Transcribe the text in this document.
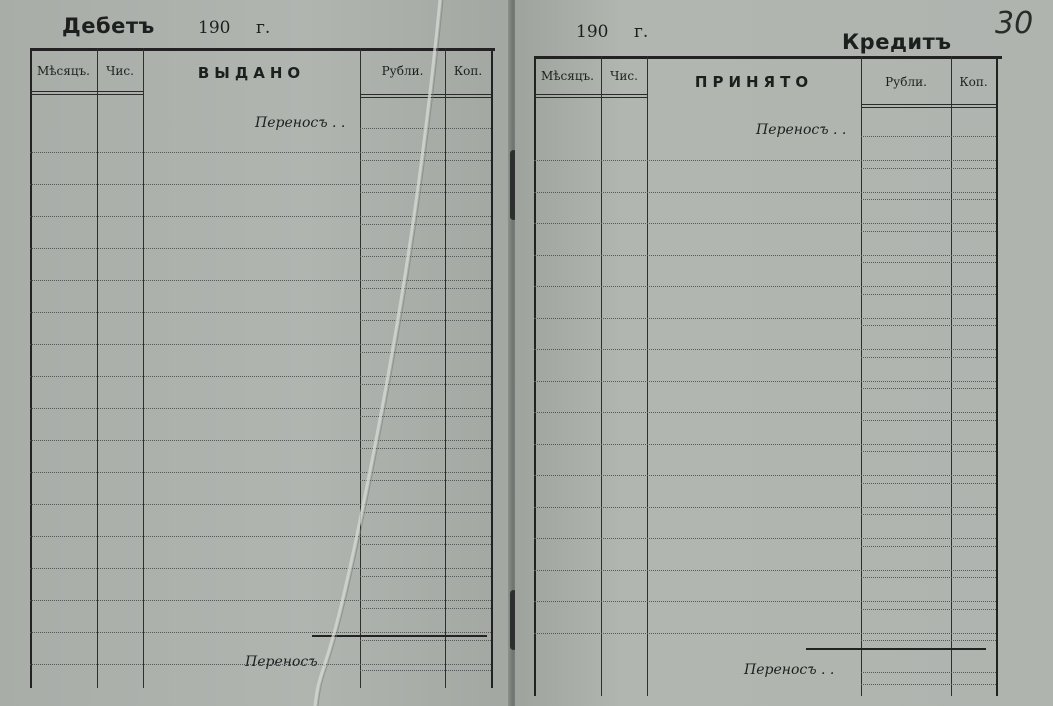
Дебетъ	190 г.
Мѣсяцъ.	Чис.	ВЫДАНО	Рубли.	Коп.
Переносъ . .
Переносъ .
190 г.	Кредитъ
30
Мѣсяцъ.	Чис.	ПРИНЯТО	Рубли.	Коп.
Переносъ . .
Переносъ . .
